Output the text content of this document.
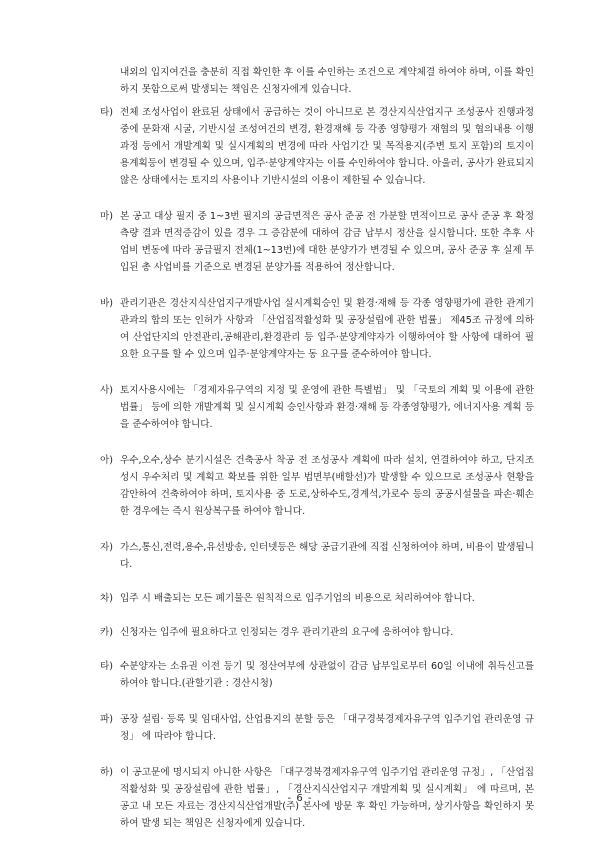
내외의 입지여건을 충분히 직접 확인한 후 이를 수인하는 조건으로 계약체결 하여야 하며, 이를 확인하지 못함으로써 발생되는 책임은 신청자에게 있습니다.

타) 전체 조성사업이 완료된 상태에서 공급하는 것이 아니므로 본 경산지식산업지구 조성공사 진행과정 중에 문화재 시굴, 기반시설 조성여건의 변경, 환경재해 등 각종 영향평가 재협의 및 협의내용 이행과정 등에서 개발계획 및 실시계획의 변경에 따라 사업기간 및 목적용지(주변 토지 포함)의 토지이용계획등이 변경될 수 있으며, 입주·분양계약자는 이를 수인하여야 합니다. 아울러, 공사가 완료되지 않은 상태에서는 토지의 사용이나 기반시설의 이용이 제한될 수 있습니다.
마) 본 공고 대상 필지 중 1~3번 필지의 공급면적은 공사 준공 전 가분할 면적이므로 공사 준공 후 확정측량 결과 면적증감이 있을 경우 그 증감분에 대하여 감금 납부시 정산을 실시합니다. 또한 추후 사업비 변동에 따라 공급필지 전체(1~13번)에 대한 분양가가 변경될 수 있으며, 공사 준공 후 실제 투입된 총 사업비를 기준으로 변경된 분양가를 적용하여 정산합니다.
바) 관리기관은 경산지식산업지구개발사업 실시계획승인 및 환경·재해 등 각종 영향평가에 관한 관계기관과의 합의 또는 인허가 사항과 「산업집적활성화 및 공장설립에 관한 법률」 제45조 규정에 의하여 산업단지의 안전관리,공해관리,환경관리 등 입주·분양계약자가 이행하여야 할 사항에 대하여 필요한 요구를 할 수 있으며 입주·분양계약자는 동 요구를 준수하여야 합니다.
사) 토지사용시에는 「경제자유구역의 지정 및 운영에 관한 특별법」 및 「국토의 계획 및 이용에 관한 법률」 등에 의한 개발계획 및 실시계획 승인사항과 환경·재해 등 각종영향평가, 에너지사용 계획 등을 준수하여야 합니다.
아) 우수,오수,상수 분기시설은 건축공사 착공 전 조성공사 계획에 따라 설치, 연결하여야 하고, 단지조성시 우수처리 및 계획고 확보를 위한 일부 법면부(배할선)가 발생할 수 있으므로 조성공사 현황을 감안하여 건축하여야 하며, 토지사용 중 도로,상하수도,경계석,가로수 등의 공공시설물을 파손·훼손한 경우에는 즉시 원상복구를 하여야 합니다.
자) 가스,통신,전력,용수,유선방송, 인터넷등은 해당 공급기관에 직접 신청하여야 하며, 비용이 발생됩니다.
차) 입주 시 배출되는 모든 폐기물은 원칙적으로 입주기업의 비용으로 처리하여야 합니다.
카) 신청자는 입주에 필요하다고 인정되는 경우 관리기관의 요구에 응하여야 합니다.
타) 수분양자는 소유권 이전 등기 및 정산여부에 상관없이 감금 납부일로부터 60일 이내에 취득신고를 하여야 합니다.(관할기관 : 경산시청)
파) 공장 설립· 등록 및 임대사업, 산업용지의 분할 등은 「대구경북경제자유구역 입주기업 관리운영 규정」 에 따라야 합니다.
하) 이 공고문에 명시되지 아니한 사항은 「대구경북경제자유구역 입주기업 관리운영 규정」, 「산업집적활성화 및 공장설립에 관한 법률」, 「경산지식산업지구 개발계획 및 실시계획」 에 따르며, 본 공고 내 모든 자료는 경산지식산업개발(주) 본사에 방문 후 확인 가능하며, 상기사항을 확인하지 못하여 발생 되는 책임은 신청자에게 있습니다.
- 6 -
